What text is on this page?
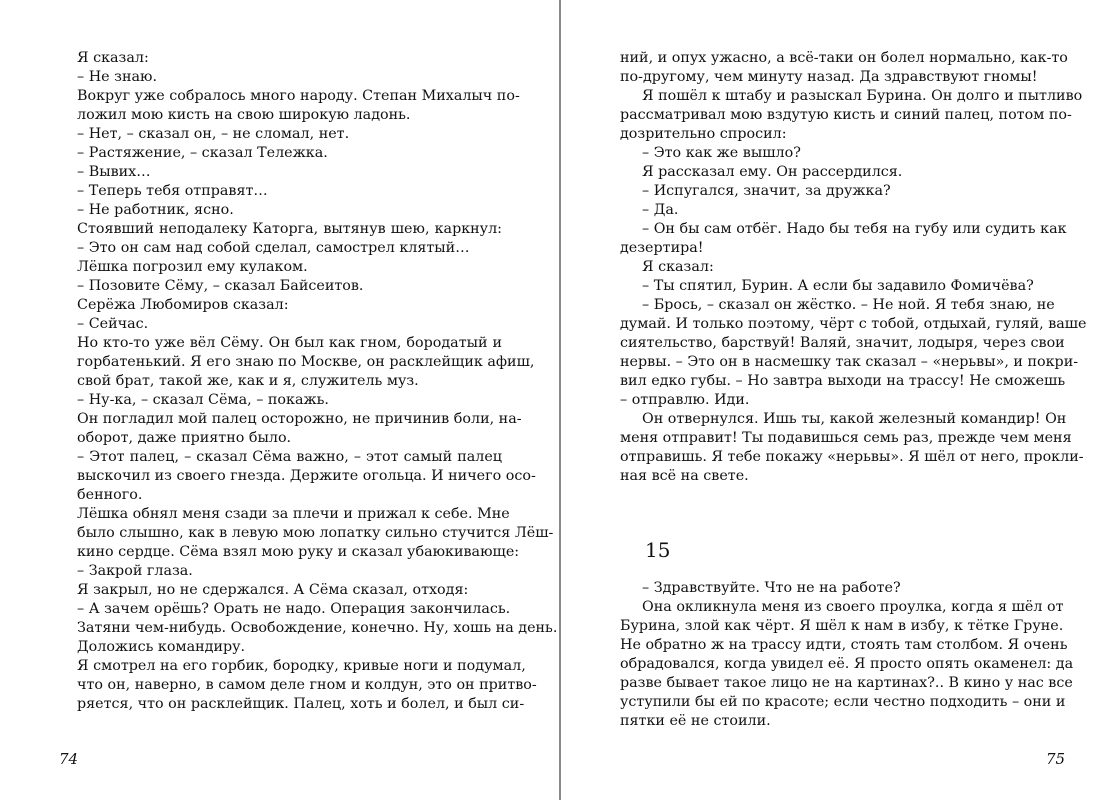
Я сказал:
– Не знаю.
Вокруг уже собралось много народу. Степан Михалыч по-
ложил мою кисть на свою широкую ладонь.
– Нет, – сказал он, – не сломал, нет.
– Растяжение, – сказал Тележка.
– Вывих…
– Теперь тебя отправят…
– Не работник, ясно.
Стоявший неподалеку Каторга, вытянув шею, каркнул:
– Это он сам над собой сделал, самострел клятый…
Лёшка погрозил ему кулаком.
– Позовите Сёму, – сказал Байсеитов.
Серёжа Любомиров сказал:
– Сейчас.
Но кто-то уже вёл Сёму. Он был как гном, бородатый и
горбатенький. Я его знаю по Москве, он расклейщик афиш,
свой брат, такой же, как и я, служитель муз.
– Ну-ка, – сказал Сёма, – покажь.
Он погладил мой палец осторожно, не причинив боли, на-
оборот, даже приятно было.
– Этот палец, – сказал Сёма важно, – этот самый палец
выскочил из своего гнезда. Держите огольца. И ничего осо-
бенного.
Лёшка обнял меня сзади за плечи и прижал к себе. Мне
было слышно, как в левую мою лопатку сильно стучится Лёш-
кино сердце. Сёма взял мою руку и сказал убаюкивающе:
– Закрой глаза.
Я закрыл, но не сдержался. А Сёма сказал, отходя:
– А зачем орёшь? Орать не надо. Операция закончилась.
Затяни чем-нибудь. Освобождение, конечно. Ну, хошь на день.
Доложись командиру.
Я смотрел на его горбик, бородку, кривые ноги и подумал,
что он, наверно, в самом деле гном и колдун, это он притво-
ряется, что он расклейщик. Палец, хоть и болел, и был си-
74
ний, и опух ужасно, а всё-таки он болел нормально, как-то
по-другому, чем минуту назад. Да здравствуют гномы!
Я пошёл к штабу и разыскал Бурина. Он долго и пытливо
рассматривал мою вздутую кисть и синий палец, потом по-
дозрительно спросил:
– Это как же вышло?
Я рассказал ему. Он рассердился.
– Испугался, значит, за дружка?
– Да.
– Он бы сам отбёг. Надо бы тебя на губу или судить как
дезертира!
Я сказал:
– Ты спятил, Бурин. А если бы задавило Фомичёва?
– Брось, – сказал он жёстко. – Не ной. Я тебя знаю, не
думай. И только поэтому, чёрт с тобой, отдыхай, гуляй, ваше
сиятельство, барствуй! Валяй, значит, лодыря, через свои
нервы. – Это он в насмешку так сказал – «нерьвы», и покри-
вил едко губы. – Но завтра выходи на трассу! Не сможешь
– отправлю. Иди.
Он отвернулся. Ишь ты, какой железный командир! Он
меня отправит! Ты подавишься семь раз, прежде чем меня
отправишь. Я тебе покажу «нерьвы». Я шёл от него, прокли-
ная всё на свете.
15
– Здравствуйте. Что не на работе?
Она окликнула меня из своего проулка, когда я шёл от
Бурина, злой как чёрт. Я шёл к нам в избу, к тётке Груне.
Не обратно ж на трассу идти, стоять там столбом. Я очень
обрадовался, когда увидел её. Я просто опять окаменел: да
разве бывает такое лицо не на картинах?.. В кино у нас все
уступили бы ей по красоте; если честно подходить – они и
пятки её не стоили.
75
